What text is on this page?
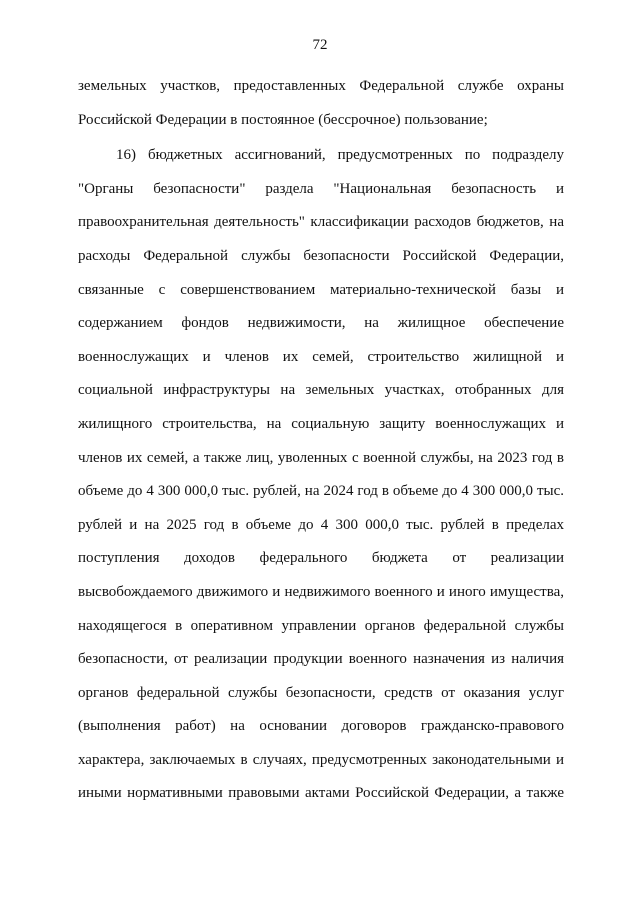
72
земельных участков, предоставленных Федеральной службе охраны
Российской Федерации в постоянное (бессрочное) пользование;
16) бюджетных ассигнований, предусмотренных по подразделу
"Органы безопасности" раздела "Национальная безопасность и
правоохранительная деятельность" классификации расходов бюджетов, на
расходы Федеральной службы безопасности Российской Федерации,
связанные с совершенствованием материально-технической базы и
содержанием фондов недвижимости, на жилищное обеспечение
военнослужащих и членов их семей, строительство жилищной и
социальной инфраструктуры на земельных участках, отобранных для
жилищного строительства, на социальную защиту военнослужащих и
членов их семей, а также лиц, уволенных с военной службы, на 2023 год в
объеме до 4 300 000,0 тыс. рублей, на 2024 год в объеме до 4 300 000,0 тыс.
рублей и на 2025 год в объеме до 4 300 000,0 тыс. рублей в пределах
поступления доходов федерального бюджета от реализации
высвобождаемого движимого и недвижимого военного и иного имущества,
находящегося в оперативном управлении органов федеральной службы
безопасности, от реализации продукции военного назначения из наличия
органов федеральной службы безопасности, средств от оказания услуг
(выполнения работ) на основании договоров гражданско-правового
характера, заключаемых в случаях, предусмотренных законодательными и
иными нормативными правовыми актами Российской Федерации, а также
